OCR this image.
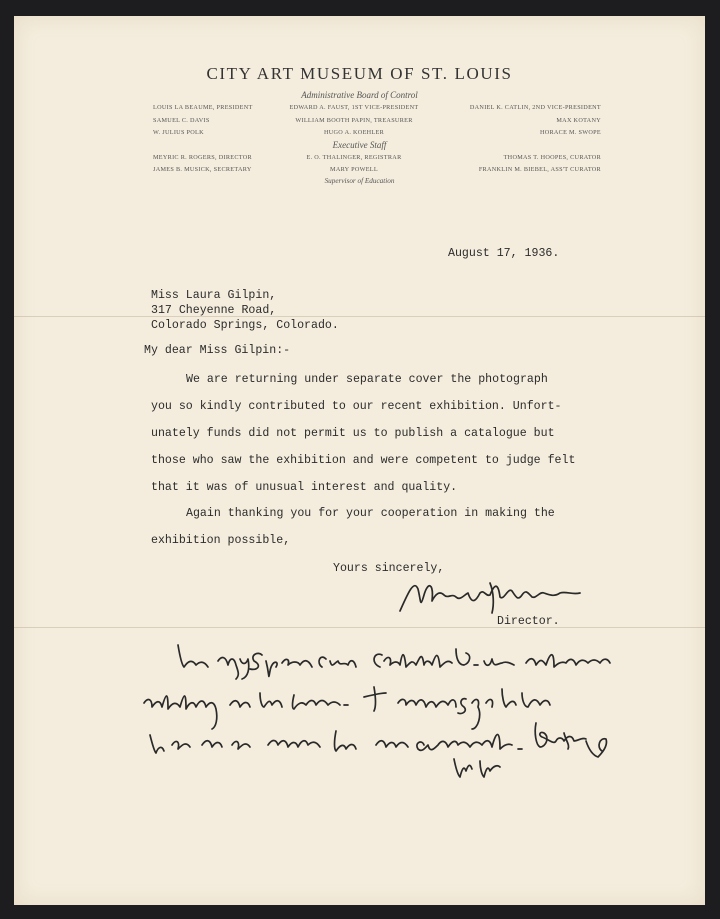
CITY ART MUSEUM OF ST. LOUIS
Administrative Board of Control
LOUIS LA BEAUME, PRESIDENT	EDWARD A. FAUST, 1ST VICE-PRESIDENT	DANIEL K. CATLIN, 2ND VICE-PRESIDENT
SAMUEL C. DAVIS	WILLIAM BOOTH PAPIN, TREASURER	MAX KOTANY
W. JULIUS POLK	HUGO A. KOEHLER	HORACE M. SWOPE
Executive Staff
MEYRIC R. ROGERS, DIRECTOR	E. O. THALINGER, REGISTRAR	THOMAS T. HOOPES, CURATOR
JAMES B. MUSICK, SECRETARY	MARY POWELL	FRANKLIN M. BIEBEL, ASS'T CURATOR
Supervisor of Education
August 17, 1936.
Miss Laura Gilpin,
317 Cheyenne Road,
Colorado Springs, Colorado.
My dear Miss Gilpin:-
We are returning under separate cover the photograph
you so kindly contributed to our recent exhibition. Unfort-
unately funds did not permit us to publish a catalogue but
those who saw the exhibition and were competent to judge felt
that it was of unusual interest and quality.
Again thanking you for your cooperation in making the
exhibition possible,
Yours sincerely,
Director.
